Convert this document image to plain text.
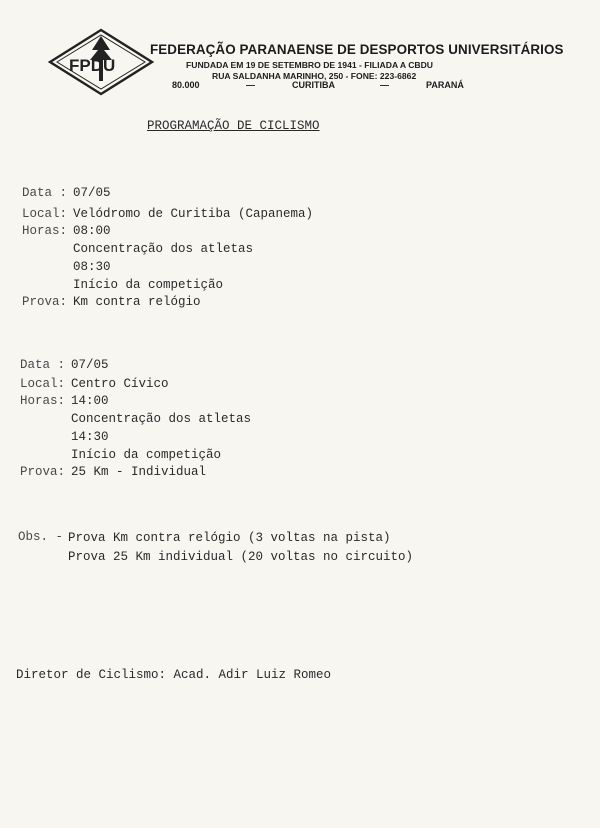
FPDU
FEDERAÇÃO PARANAENSE DE DESPORTOS UNIVERSITÁRIOS
FUNDADA EM 19 DE SETEMBRO DE 1941 - FILIADA A CBDU
RUA SALDANHA MARINHO, 250 - FONE: 223-6862
80.000	—	CURITIBA	—	PARANÁ
PROGRAMAÇÃO DE CICLISMO
Data : 07/05
Local: Velódromo de Curitiba (Capanema)
Horas: 08:00
Concentração dos atletas
08:30
Início da competição
Prova: Km contra relógio
Data : 07/05
Local: Centro Cívico
Horas: 14:00
Concentração dos atletas
14:30
Início da competição
Prova: 25 Km - Individual
Obs. - Prova Km contra relógio (3 voltas na pista)
Prova 25 Km individual (20 voltas no circuito)
Diretor de Ciclismo: Acad. Adir Luiz Romeo
